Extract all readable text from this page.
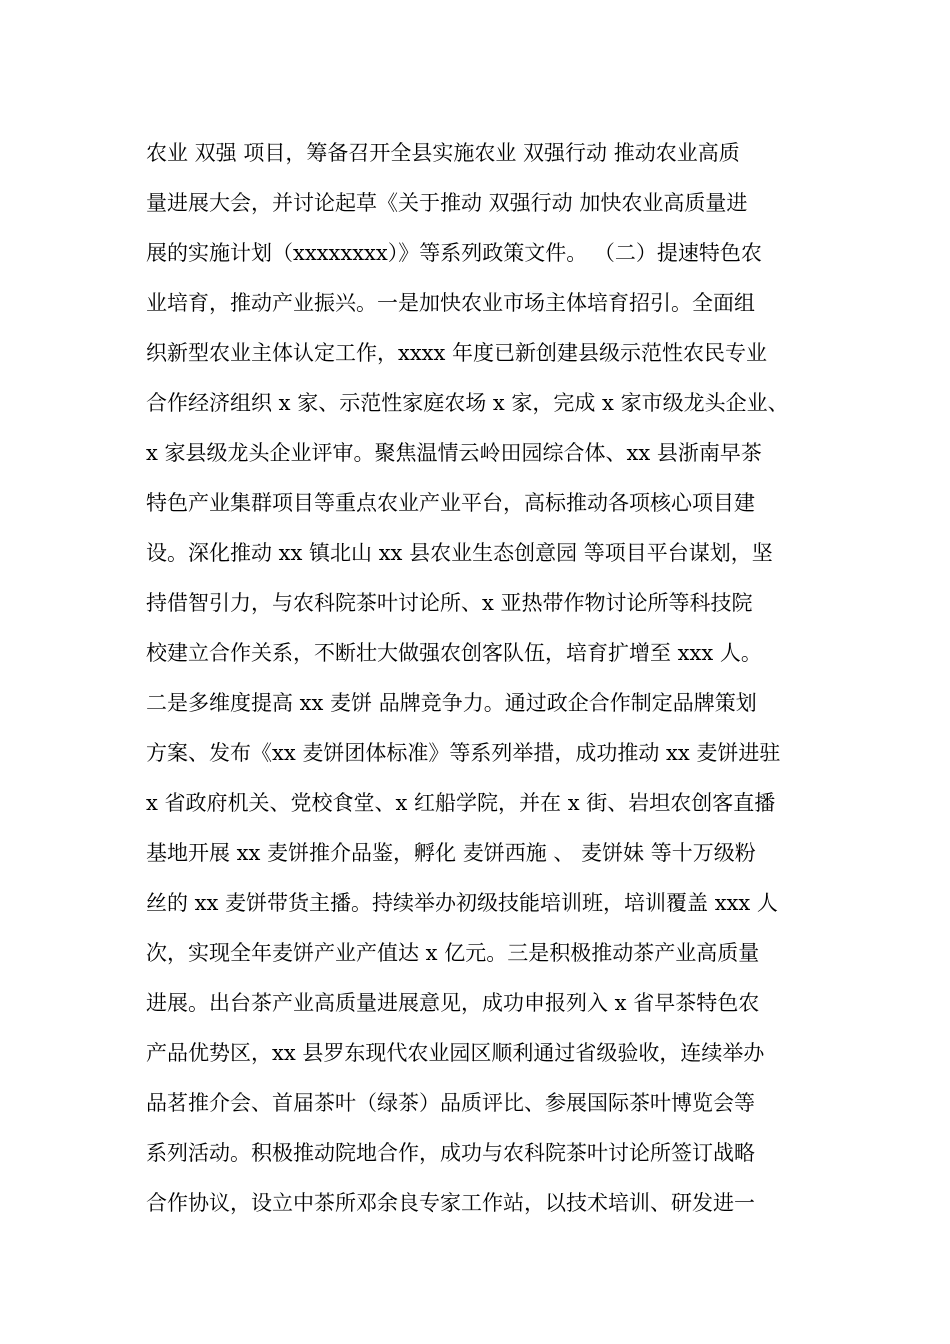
农业 双强 项目，筹备召开全县实施农业 双强行动 推动农业高质
量进展大会，并讨论起草《关于推动 双强行动 加快农业高质量进
展的实施计划（xxxxxxxx）》等系列政策文件。 （二）提速特色农
业培育，推动产业振兴。一是加快农业市场主体培育招引。全面组
织新型农业主体认定工作，xxxx 年度已新创建县级示范性农民专业
合作经济组织 x 家、示范性家庭农场 x 家，完成 x 家市级龙头企业、
x 家县级龙头企业评审。聚焦温情云岭田园综合体、xx 县浙南早茶
特色产业集群项目等重点农业产业平台，高标推动各项核心项目建
设。深化推动 xx 镇北山 xx 县农业生态创意园 等项目平台谋划，坚
持借智引力，与农科院茶叶讨论所、x 亚热带作物讨论所等科技院
校建立合作关系，不断壮大做强农创客队伍，培育扩增至 xxx 人。
二是多维度提高 xx 麦饼 品牌竞争力。通过政企合作制定品牌策划
方案、发布《xx 麦饼团体标准》等系列举措，成功推动 xx 麦饼进驻
x 省政府机关、党校食堂、x 红船学院，并在 x 街、岩坦农创客直播
基地开展 xx 麦饼推介品鉴，孵化 麦饼西施 、 麦饼妹 等十万级粉
丝的 xx 麦饼带货主播。持续举办初级技能培训班，培训覆盖 xxx 人
次，实现全年麦饼产业产值达 x 亿元。三是积极推动茶产业高质量
进展。出台茶产业高质量进展意见，成功申报列入 x 省早茶特色农
产品优势区，xx 县罗东现代农业园区顺利通过省级验收，连续举办
品茗推介会、首届茶叶（绿茶）品质评比、参展国际茶叶博览会等
系列活动。积极推动院地合作，成功与农科院茶叶讨论所签订战略
合作协议，设立中茶所邓余良专家工作站，以技术培训、研发进一
